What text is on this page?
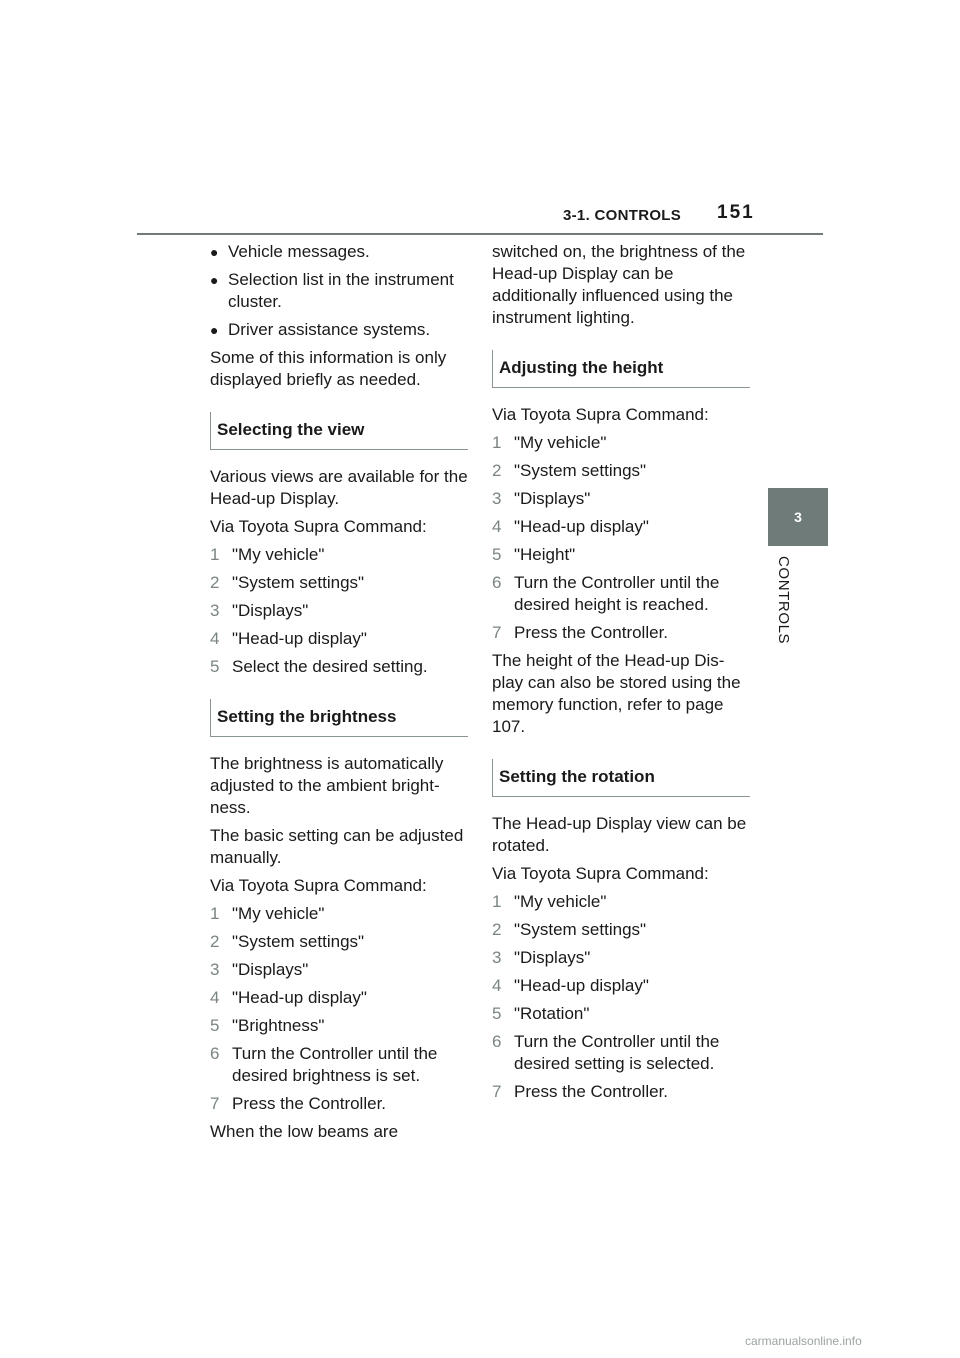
3-1. CONTROLS 151
3
CONTROLS
● Vehicle messages.
● Selection list in the instrument cluster.
● Driver assistance systems.

Some of this information is only displayed briefly as needed.

Selecting the view

Various views are available for the Head-up Display.

Via Toyota Supra Command:

1 "My vehicle"
2 "System settings"
3 "Displays"
4 "Head-up display"
5 Select the desired setting.
Setting the brightness

The brightness is automatically adjusted to the ambient bright-ness.

The basic setting can be adjusted manually.

Via Toyota Supra Command:

1 "My vehicle"
2 "System settings"
3 "Displays"
4 "Head-up display"
5 "Brightness"
6 Turn the Controller until the desired brightness is set.
7 Press the Controller.

When the low beams are

switched on, the brightness of the Head-up Display can be additionally influenced using the instrument lighting.

Adjusting the height

Via Toyota Supra Command:

1 "My vehicle"
2 "System settings"
3 "Displays"
4 "Head-up display"
5 "Height"
6 Turn the Controller until the desired height is reached.
7 Press the Controller.

The height of the Head-up Dis-play can also be stored using the memory function, refer to page 107.

Setting the rotation

The Head-up Display view can be rotated.

Via Toyota Supra Command:

1 "My vehicle"
2 "System settings"
3 "Displays"
4 "Head-up display"
5 "Rotation"
6 Turn the Controller until the desired setting is selected.
7 Press the Controller.
carmanualsonline.info
